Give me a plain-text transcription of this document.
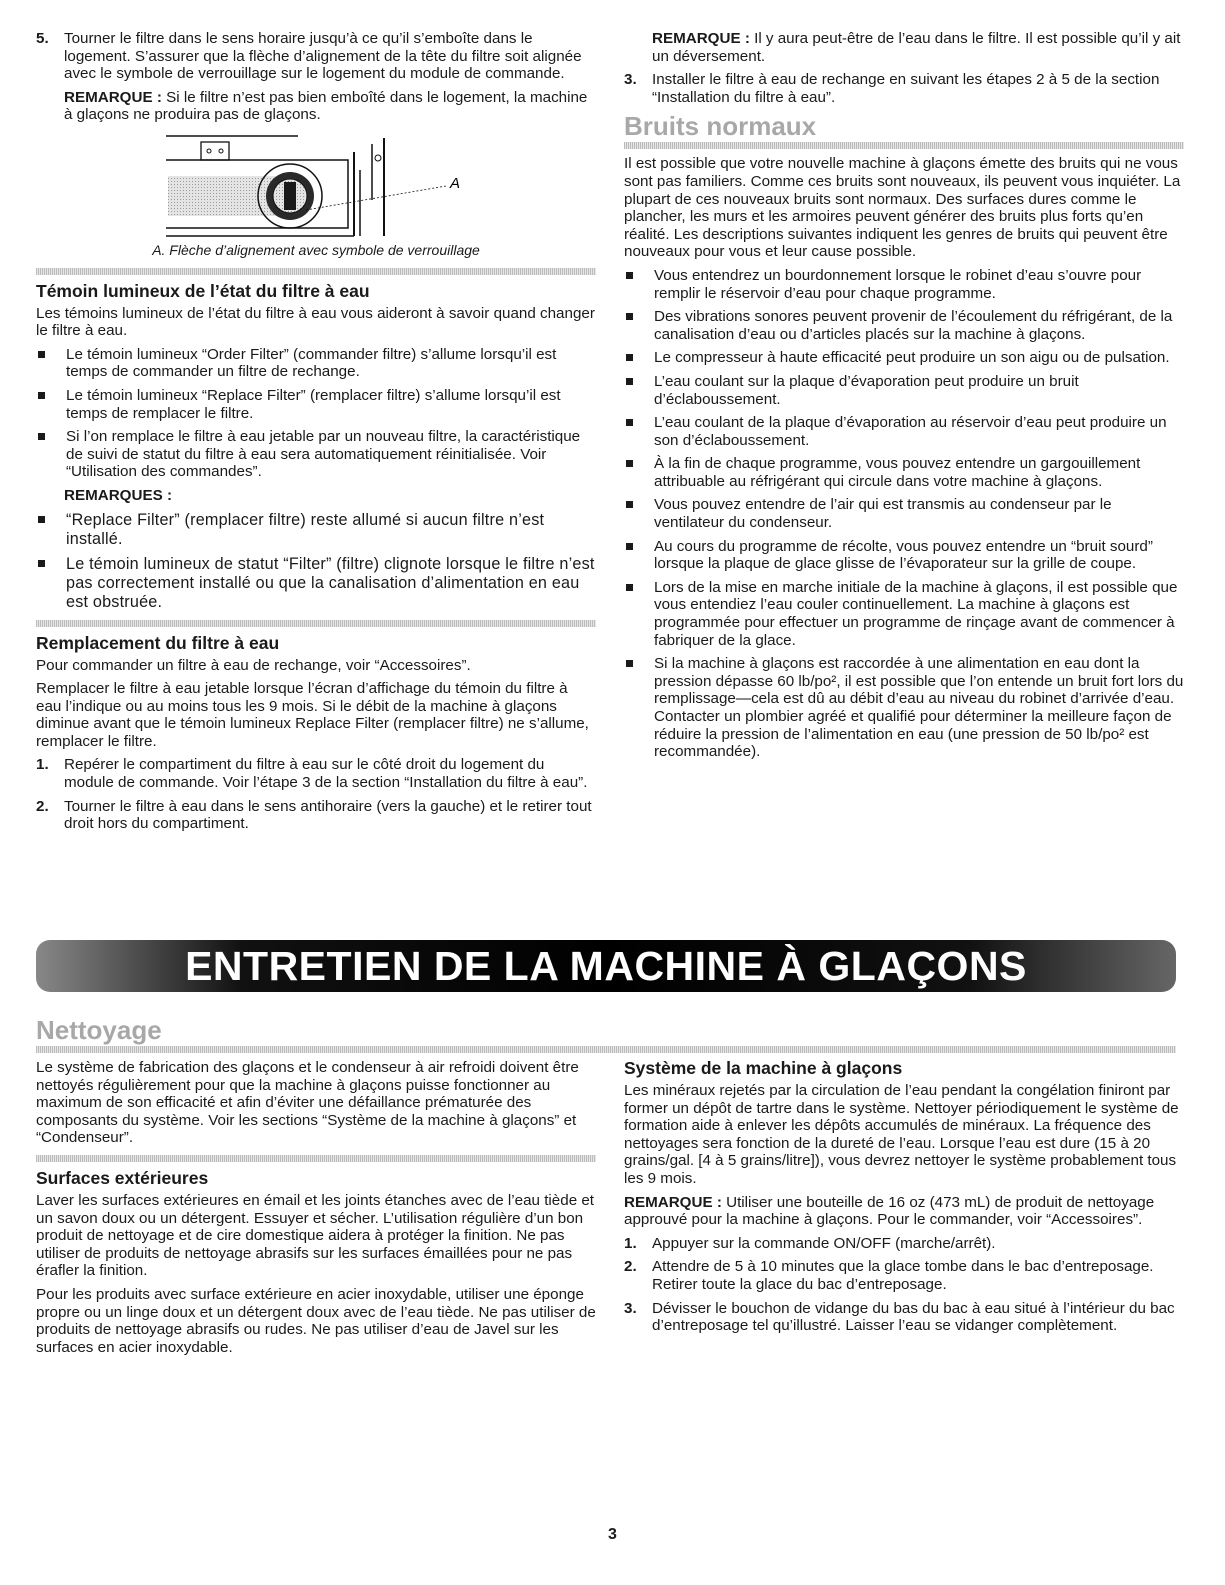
5.	Tourner le filtre dans le sens horaire jusqu’à ce qu’il s’emboîte dans le logement. S’assurer que la flèche d’alignement de la tête du filtre soit alignée avec le symbole de verrouillage sur le logement du module de commande.

REMARQUE : Si le filtre n’est pas bien emboîté dans le logement, la machine à glaçons ne produira pas de glaçons.

A
A. Flèche d’alignement avec symbole de verrouillage
Témoin lumineux de l’état du filtre à eau

Les témoins lumineux de l’état du filtre à eau vous aideront à savoir quand changer le filtre à eau.

Le témoin lumineux “Order Filter” (commander filtre) s’allume lorsqu’il est temps de commander un filtre de rechange.
Le témoin lumineux “Replace Filter” (remplacer filtre) s’allume lorsqu’il est temps de remplacer le filtre.
Si l’on remplace le filtre à eau jetable par un nouveau filtre, la caractéristique de suivi de statut du filtre à eau sera automatiquement réinitialisée. Voir “Utilisation des commandes”.

REMARQUES :

“Replace Filter” (remplacer filtre) reste allumé si aucun filtre n’est installé.
Le témoin lumineux de statut “Filter” (filtre) clignote lorsque le filtre n’est pas correctement installé ou que la canalisation d’alimentation en eau est obstruée.
Remplacement du filtre à eau

Pour commander un filtre à eau de rechange, voir “Accessoires”.

Remplacer le filtre à eau jetable lorsque l’écran d’affichage du témoin du filtre à eau l’indique ou au moins tous les 9 mois. Si le débit de la machine à glaçons diminue avant que le témoin lumineux Replace Filter (remplacer filtre) ne s’allume, remplacer le filtre.

1.	Repérer le compartiment du filtre à eau sur le côté droit du logement du module de commande. Voir l’étape 3 de la section “Installation du filtre à eau”.
2.	Tourner le filtre à eau dans le sens antihoraire (vers la gauche) et le retirer tout droit hors du compartiment.

REMARQUE : Il y aura peut-être de l’eau dans le filtre. Il est possible qu’il y ait un déversement.

3.	Installer le filtre à eau de rechange en suivant les étapes 2 à 5 de la section “Installation du filtre à eau”.
Bruits normaux

Il est possible que votre nouvelle machine à glaçons émette des bruits qui ne vous sont pas familiers. Comme ces bruits sont nouveaux, ils peuvent vous inquiéter. La plupart de ces nouveaux bruits sont normaux. Des surfaces dures comme le plancher, les murs et les armoires peuvent générer des bruits plus forts qu’en réalité. Les descriptions suivantes indiquent les genres de bruits qui peuvent être nouveaux pour vous et leur cause possible.

Vous entendrez un bourdonnement lorsque le robinet d’eau s’ouvre pour remplir le réservoir d’eau pour chaque programme.
Des vibrations sonores peuvent provenir de l’écoulement du réfrigérant, de la canalisation d’eau ou d’articles placés sur la machine à glaçons.
Le compresseur à haute efficacité peut produire un son aigu ou de pulsation.
L’eau coulant sur la plaque d’évaporation peut produire un bruit d’éclaboussement.
L’eau coulant de la plaque d’évaporation au réservoir d’eau peut produire un son d’éclaboussement.
À la fin de chaque programme, vous pouvez entendre un gargouillement attribuable au réfrigérant qui circule dans votre machine à glaçons.
Vous pouvez entendre de l’air qui est transmis au condenseur par le ventilateur du condenseur.
Au cours du programme de récolte, vous pouvez entendre un “bruit sourd” lorsque la plaque de glace glisse de l’évaporateur sur la grille de coupe.
Lors de la mise en marche initiale de la machine à glaçons, il est possible que vous entendiez l’eau couler continuellement. La machine à glaçons est programmée pour effectuer un programme de rinçage avant de commencer à fabriquer de la glace.
Si la machine à glaçons est raccordée à une alimentation en eau dont la pression dépasse 60 lb/po², il est possible que l’on entende un bruit fort lors du remplissage—cela est dû au débit d’eau au niveau du robinet d’arrivée d’eau. Contacter un plombier agréé et qualifié pour déterminer la meilleure façon de réduire la pression de l’alimentation en eau (une pression de 50 lb/po² est recommandée).
ENTRETIEN DE LA MACHINE À GLAÇONS
Nettoyage

Le système de fabrication des glaçons et le condenseur à air refroidi doivent être nettoyés régulièrement pour que la machine à glaçons puisse fonctionner au maximum de son efficacité et afin d’éviter une défaillance prématurée des composants du système. Voir les sections “Système de la machine à glaçons” et “Condenseur”.

Surfaces extérieures

Laver les surfaces extérieures en émail et les joints étanches avec de l’eau tiède et un savon doux ou un détergent. Essuyer et sécher. L’utilisation régulière d’un bon produit de nettoyage et de cire domestique aidera à protéger la finition. Ne pas utiliser de produits de nettoyage abrasifs sur les surfaces émaillées pour ne pas érafler la finition.

Pour les produits avec surface extérieure en acier inoxydable, utiliser une éponge propre ou un linge doux et un détergent doux avec de l’eau tiède. Ne pas utiliser de produits de nettoyage abrasifs ou rudes. Ne pas utiliser d’eau de Javel sur les surfaces en acier inoxydable.

Système de la machine à glaçons

Les minéraux rejetés par la circulation de l’eau pendant la congélation finiront par former un dépôt de tartre dans le système. Nettoyer périodiquement le système de formation aide à enlever les dépôts accumulés de minéraux. La fréquence des nettoyages sera fonction de la dureté de l’eau. Lorsque l’eau est dure (15 à 20 grains/gal. [4 à 5 grains/litre]), vous devrez nettoyer le système probablement tous les 9 mois.

REMARQUE : Utiliser une bouteille de 16 oz (473 mL) de produit de nettoyage approuvé pour la machine à glaçons. Pour le commander, voir “Accessoires”.

1.	Appuyer sur la commande ON/OFF (marche/arrêt).
2.	Attendre de 5 à 10 minutes que la glace tombe dans le bac d’entreposage. Retirer toute la glace du bac d’entreposage.
3.	Dévisser le bouchon de vidange du bas du bac à eau situé à l’intérieur du bac d’entreposage tel qu’illustré. Laisser l’eau se vidanger complètement.
3
